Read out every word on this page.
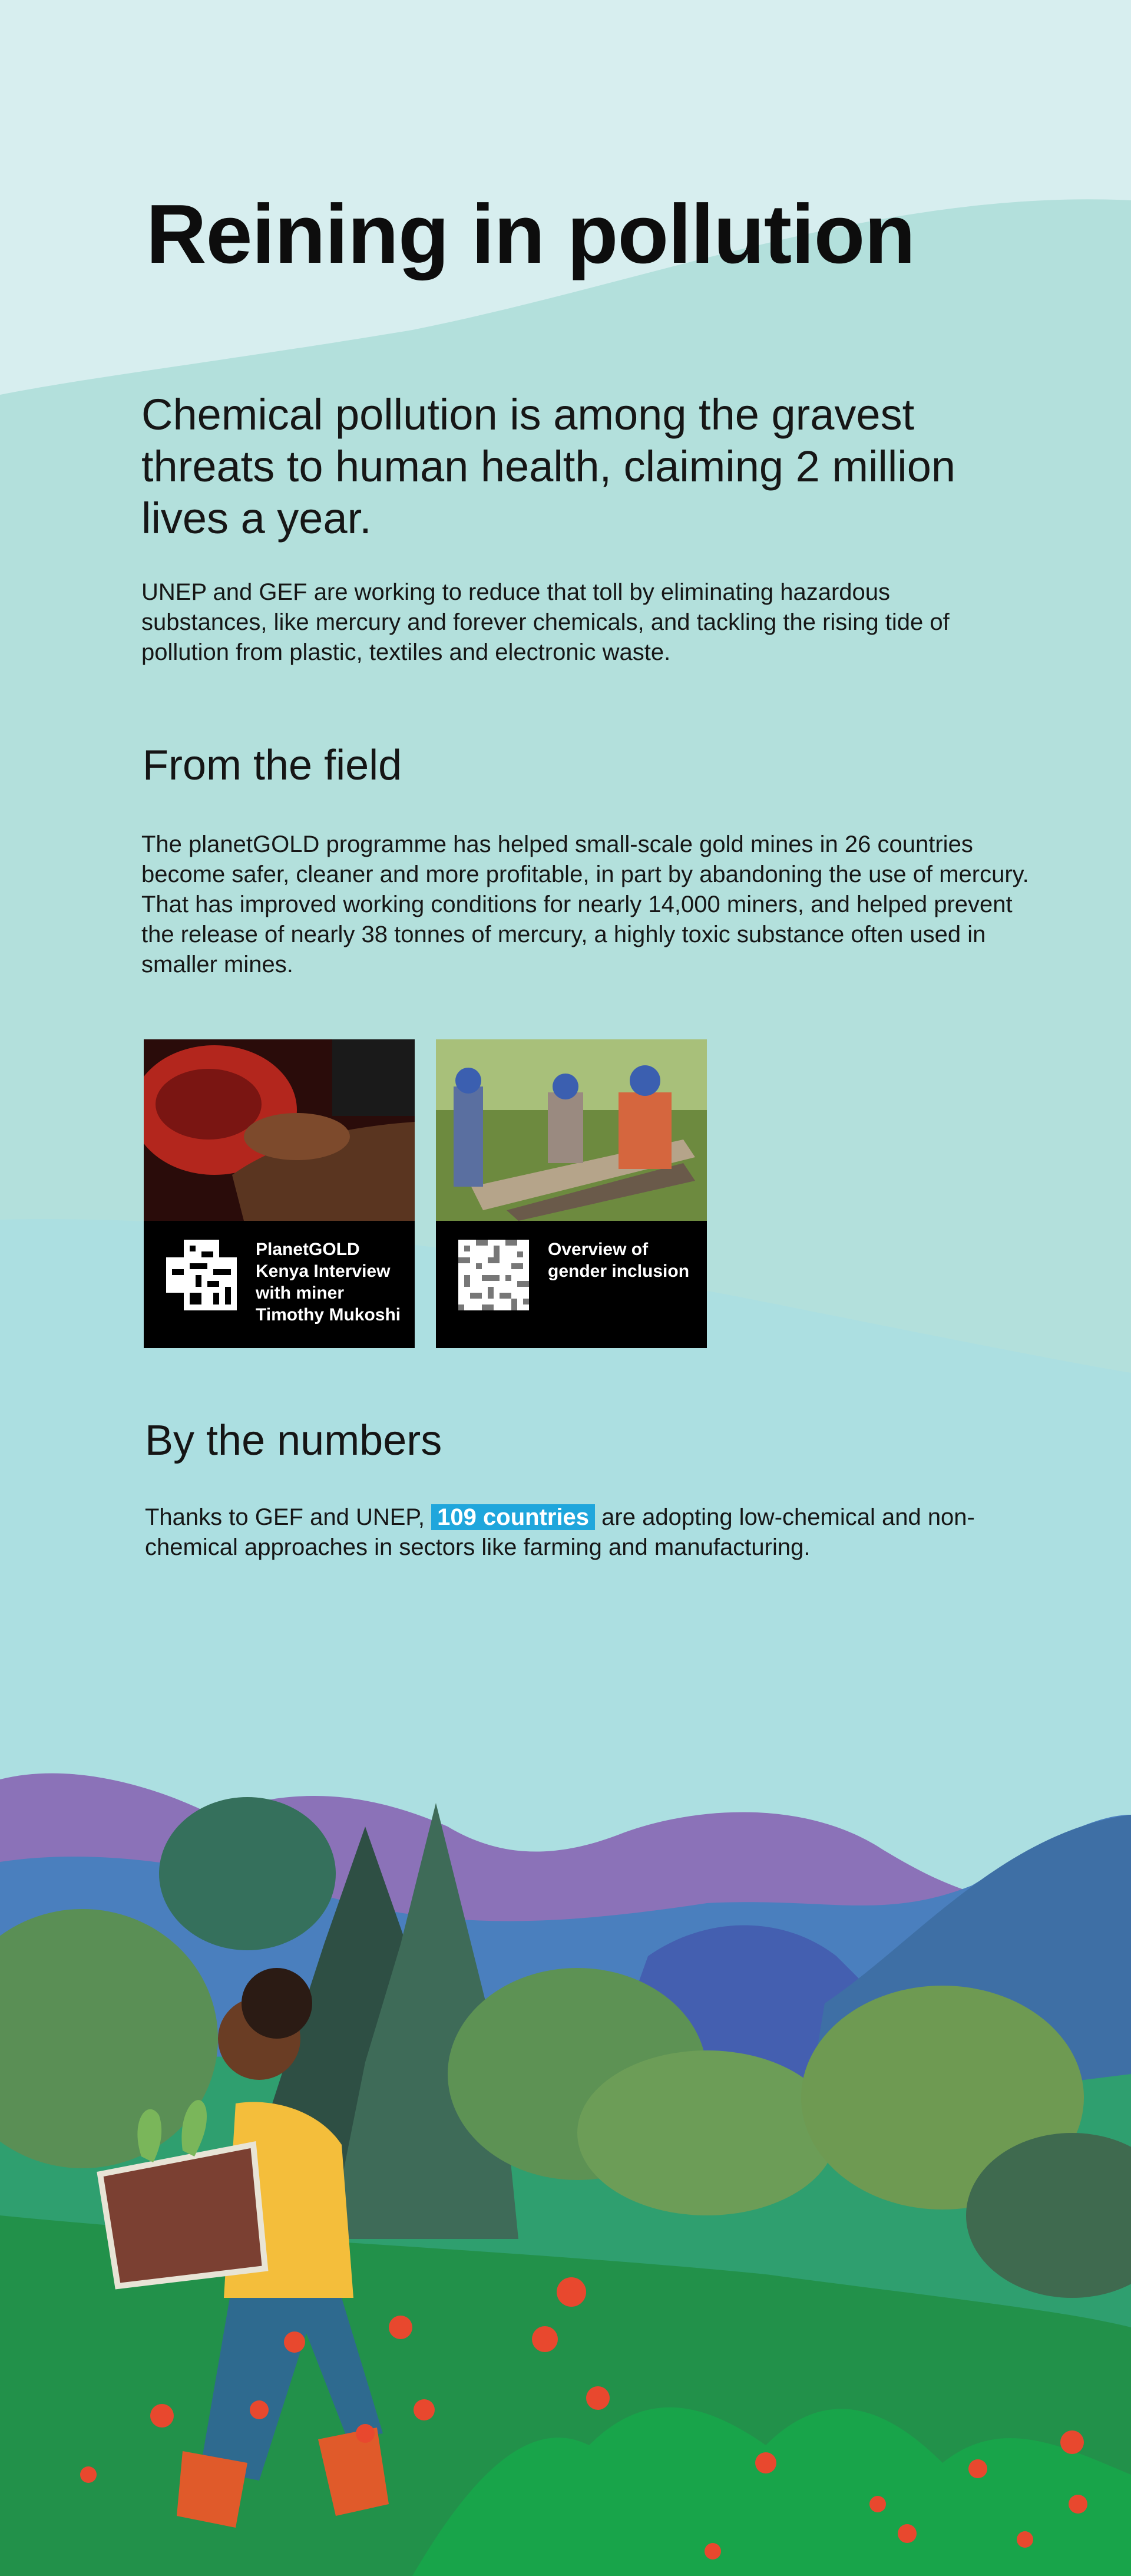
Reining in pollution

Chemical pollution is among the gravest threats to human health, claiming 2 million lives a year.

UNEP and GEF are working to reduce that toll by eliminating hazardous substances, like mercury and forever chemicals, and tackling the rising tide of pollution from plastic, textiles and electronic waste.

From the field

The planetGOLD programme has helped small-scale gold mines in 26 countries become safer, cleaner and more profitable, in part by abandoning the use of mercury. That has improved working conditions for nearly 14,000 miners, and helped prevent the release of nearly 38 tonnes of mercury, a highly toxic substance often used in smaller mines.

PlanetGOLD Kenya Interview with miner Timothy Mukoshi

Overview of gender inclusion

By the numbers

Thanks to GEF and UNEP, 109 countries are adopting low-chemical and non-chemical approaches in sectors like farming and manufacturing.
